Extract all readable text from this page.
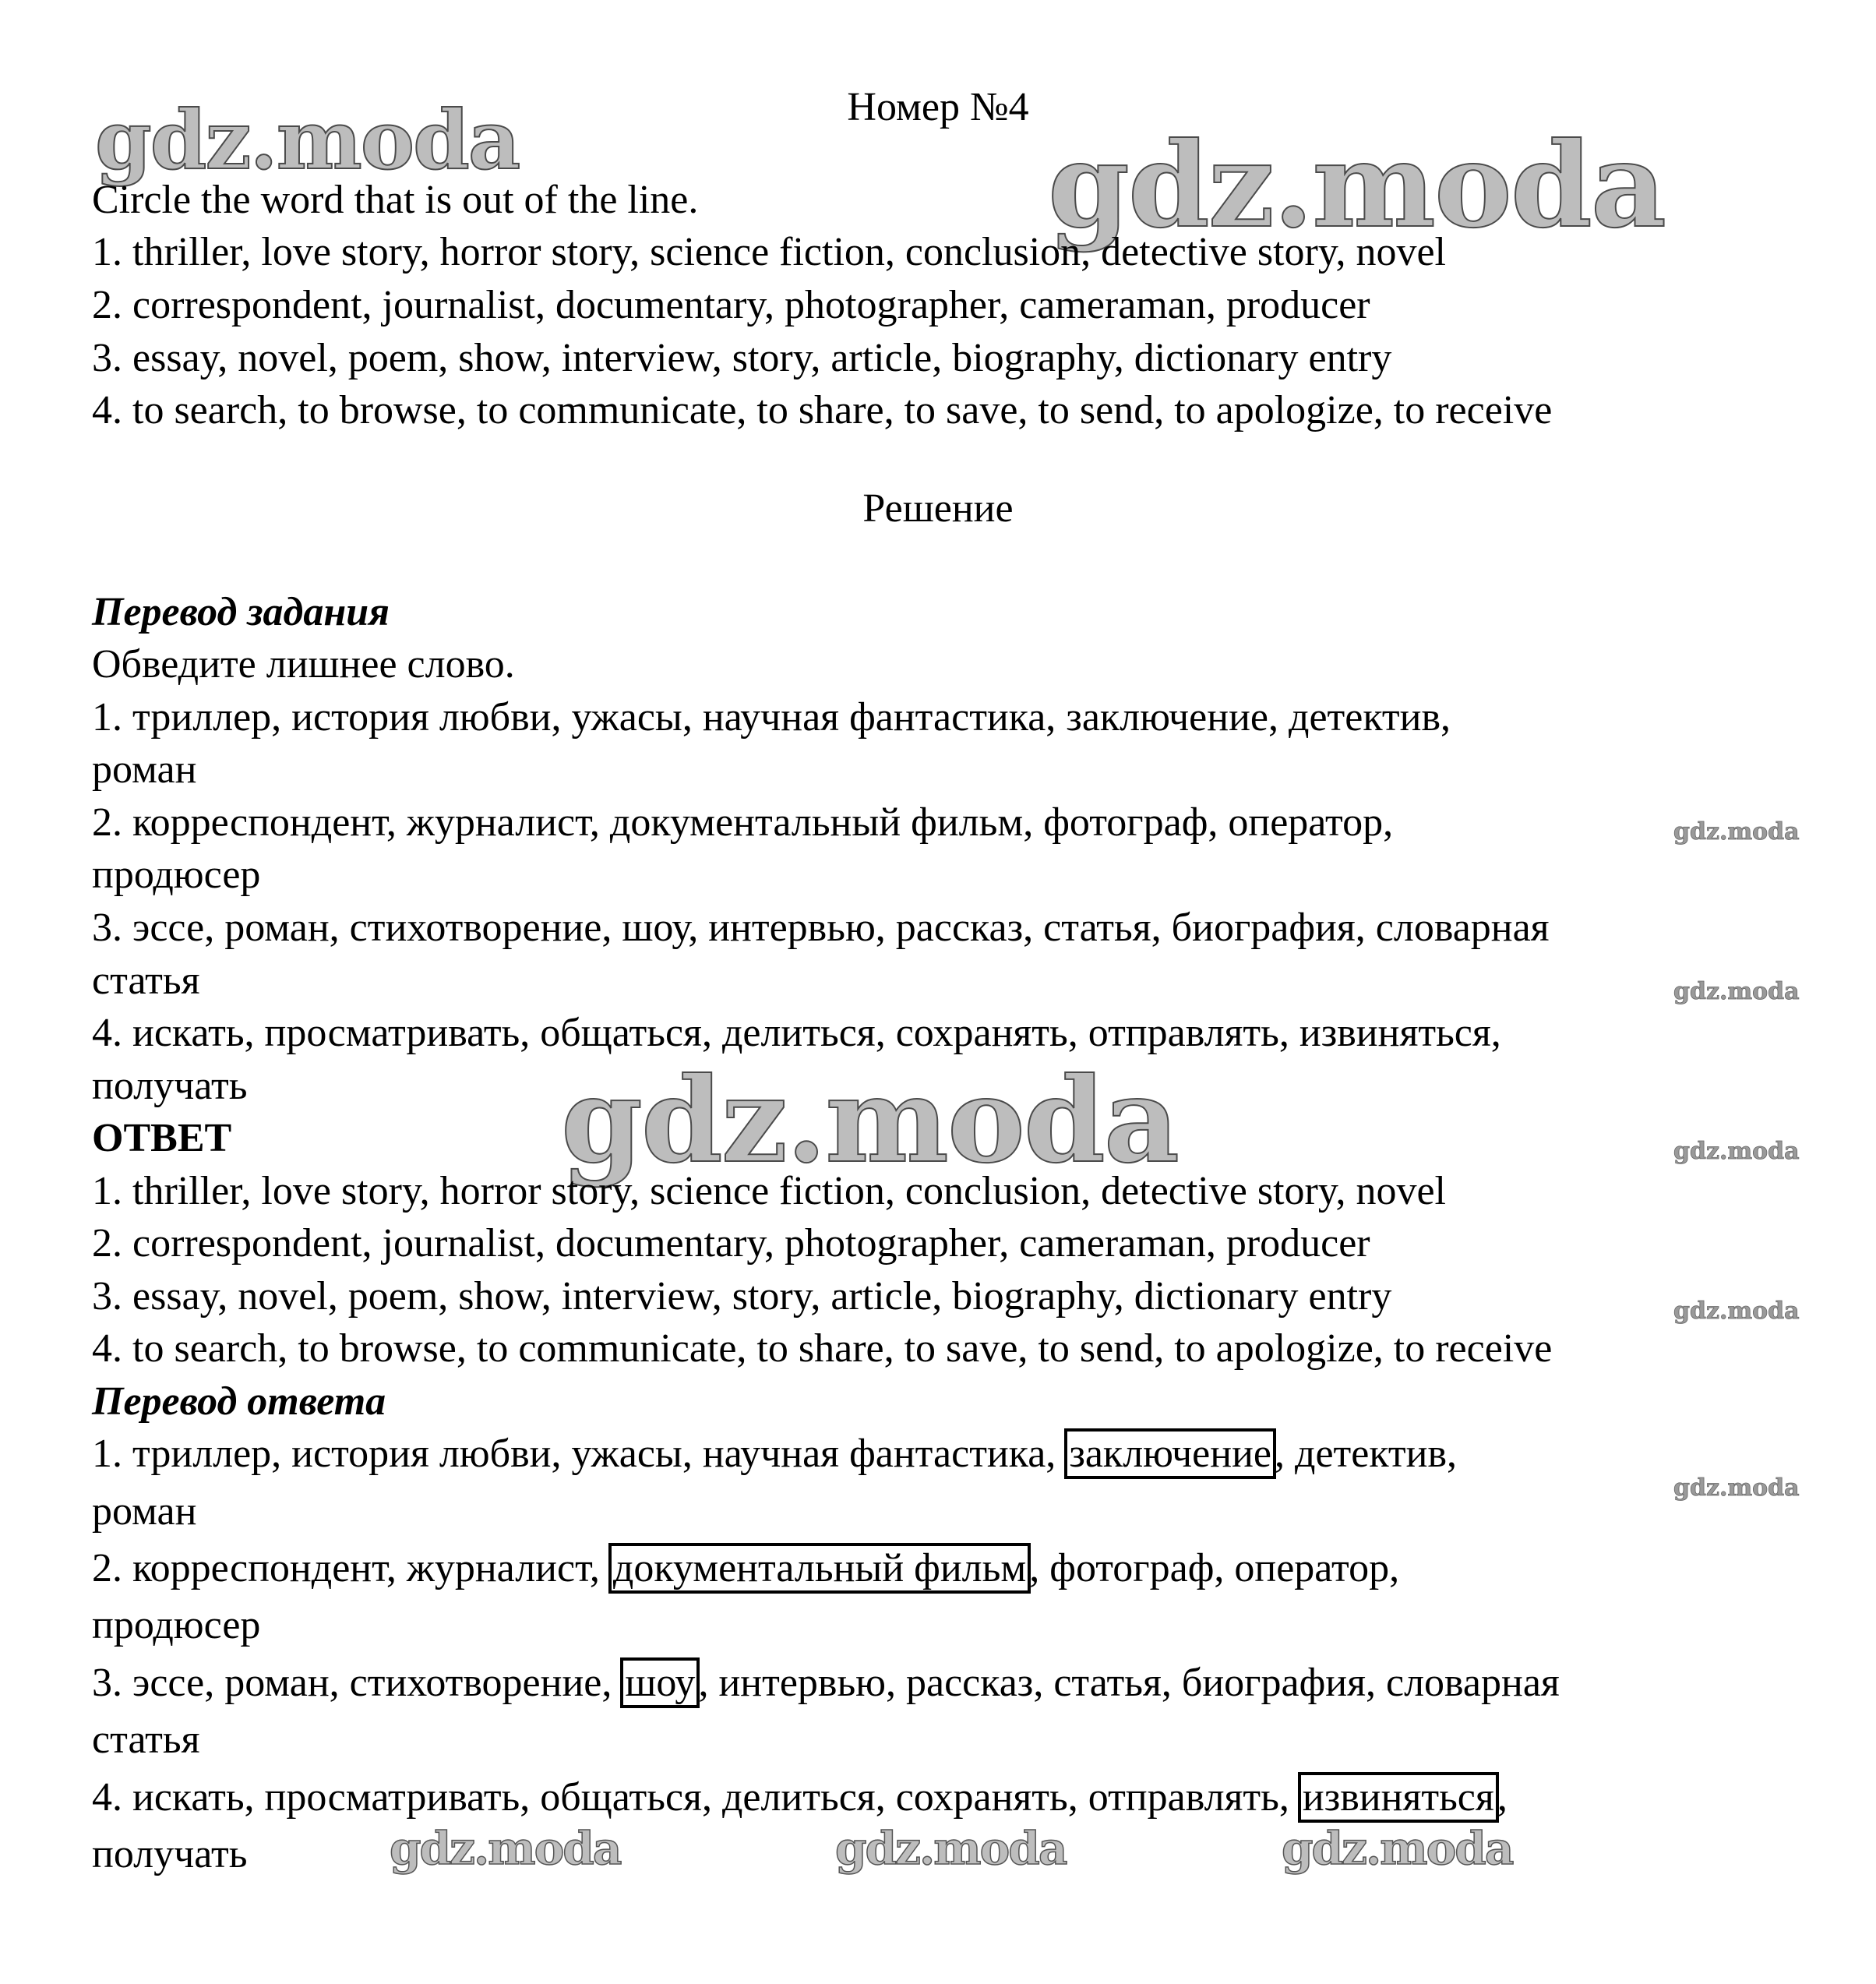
gdz.moda	gdz.moda
gdz.moda
gdz.moda
gdz.moda	gdz.moda
gdz.moda
gdz.moda
gdz.moda	gdz.moda	gdz.moda
Номер №4
Circle the word that is out of the line.
1. thriller, love story, horror story, science fiction, conclusion, detective story, novel
2. correspondent, journalist, documentary, photographer, cameraman, producer
3. essay, novel, poem, show, interview, story, article, biography, dictionary entry
4. to search, to browse, to communicate, to share, to save, to send, to apologize, to receive
Решение
Перевод задания
Обведите лишнее слово.
1. триллер, история любви, ужасы, научная фантастика, заключение, детектив,
роман
2. корреспондент, журналист, документальный фильм, фотограф, оператор,
продюсер
3. эссе, роман, стихотворение, шоу, интервью, рассказ, статья, биография, словарная
статья
4. искать, просматривать, общаться, делиться, сохранять, отправлять, извиняться,
получать
ОТВЕТ
1. thriller, love story, horror story, science fiction, conclusion, detective story, novel
2. correspondent, journalist, documentary, photographer, cameraman, producer
3. essay, novel, poem, show, interview, story, article, biography, dictionary entry
4. to search, to browse, to communicate, to share, to save, to send, to apologize, to receive
Перевод ответа
1. триллер, история любви, ужасы, научная фантастика, заключение, детектив,
роман
2. корреспондент, журналист, документальный фильм, фотограф, оператор,
продюсер
3. эссе, роман, стихотворение, шоу, интервью, рассказ, статья, биография, словарная
статья
4. искать, просматривать, общаться, делиться, сохранять, отправлять, извиняться,
получать
